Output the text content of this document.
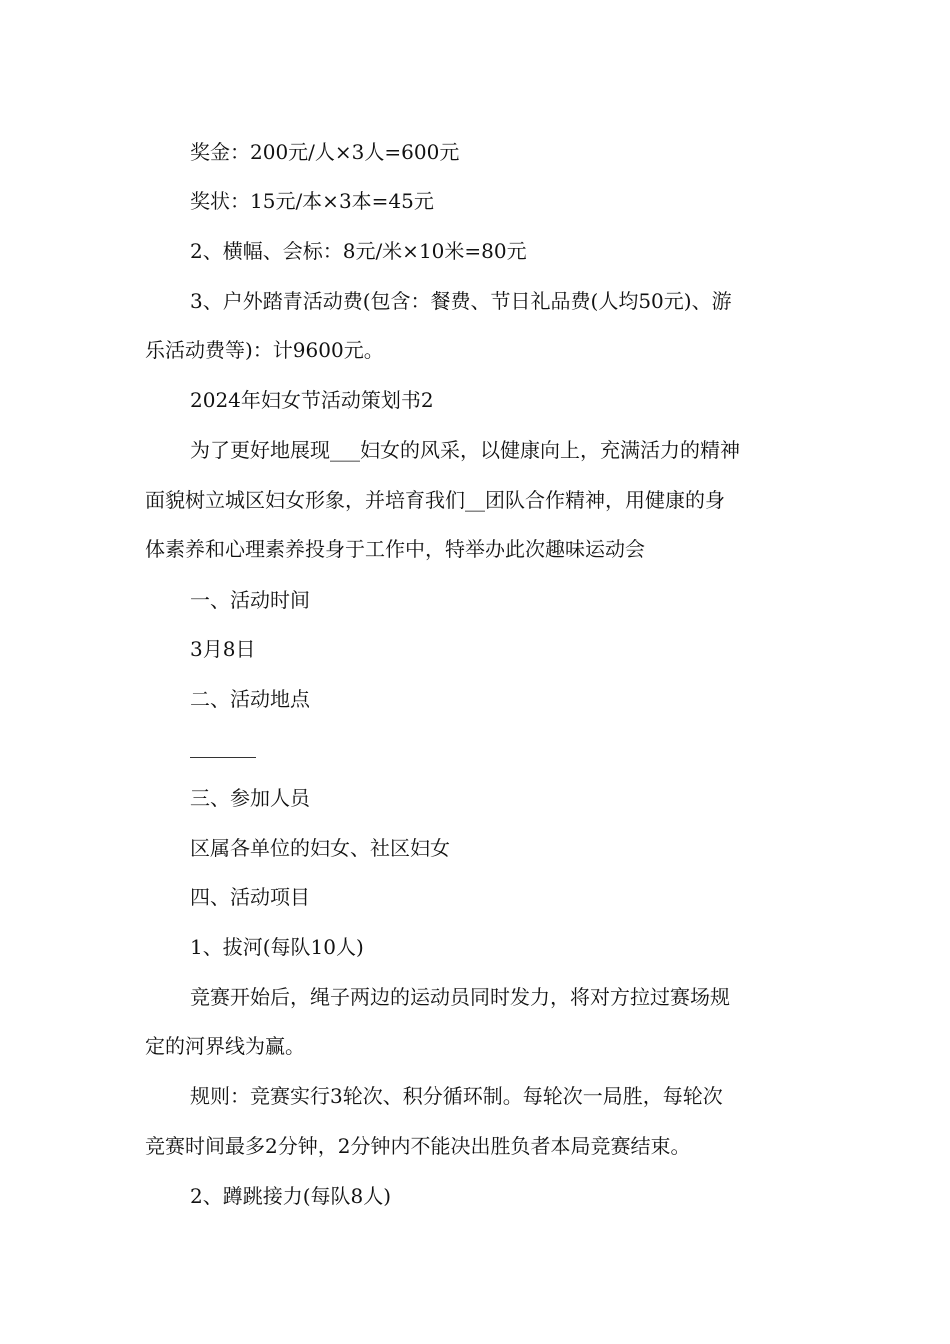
奖金：200元/人×3人=600元
奖状：15元/本×3本=45元
2、横幅、会标：8元/米×10米=80元
3、户外踏青活动费(包含：餐费、节日礼品费(人均50元)、游
乐活动费等)：计9600元。
2024年妇女节活动策划书2
为了更好地展现___妇女的风采，以健康向上，充满活力的精神
面貌树立城区妇女形象，并培育我们__团队合作精神，用健康的身
体素养和心理素养投身于工作中，特举办此次趣味运动会
一、活动时间
3月8日
二、活动地点
三、参加人员
区属各单位的妇女、社区妇女
四、活动项目
1、拔河(每队10人)
竞赛开始后，绳子两边的运动员同时发力，将对方拉过赛场规
定的河界线为赢。
规则：竞赛实行3轮次、积分循环制。每轮次一局胜，每轮次
竞赛时间最多2分钟，2分钟内不能决出胜负者本局竞赛结束。
2、蹲跳接力(每队8人)
